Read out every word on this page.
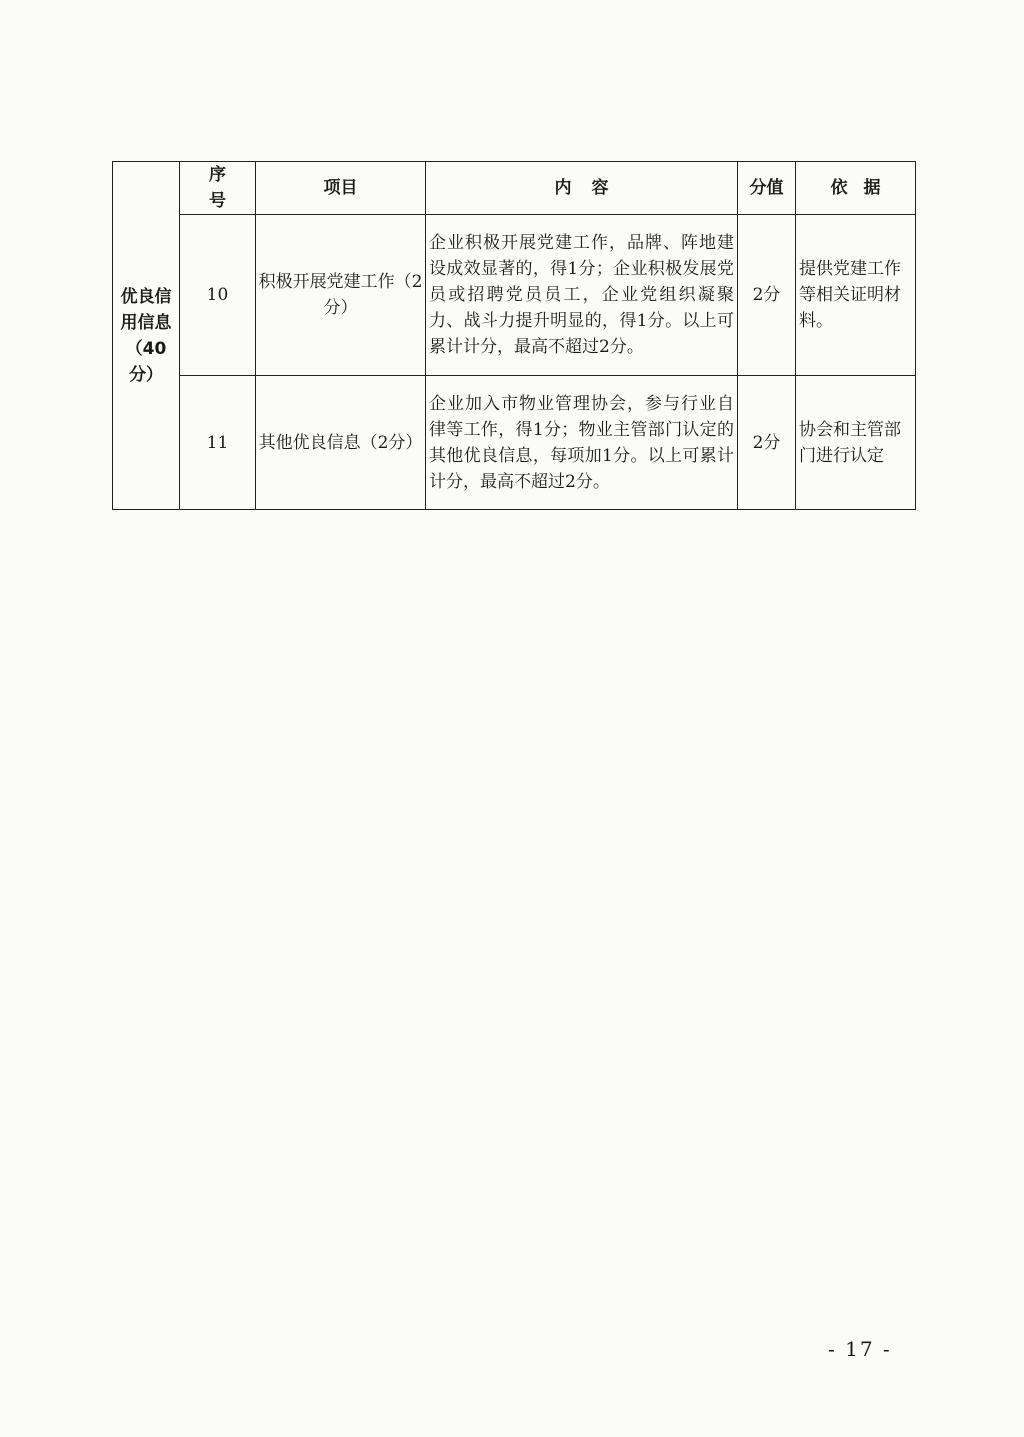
优良信用信息（40分）	序号	项目	内容	分值	依据
	10	积极开展党建工作（2分）	企业积极开展党建工作，品牌、阵地建设成效显著的，得1分；企业积极发展党员或招聘党员员工，企业党组织凝聚力、战斗力提升明显的，得1分。以上可累计计分，最高不超过2分。	2分	提供党建工作等相关证明材料。
	11	其他优良信息（2分）	企业加入市物业管理协会，参与行业自律等工作，得1分；物业主管部门认定的其他优良信息，每项加1分。以上可累计计分，最高不超过2分。	2分	协会和主管部门进行认定
- 17 -
